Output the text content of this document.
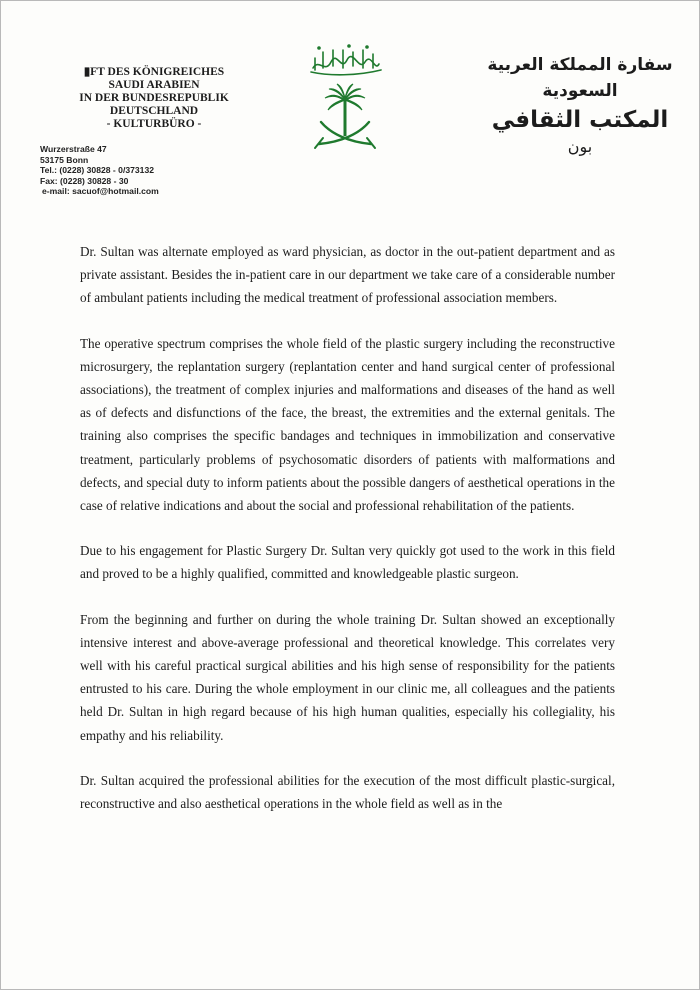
▮FT DES KÖNIGREICHES
SAUDI ARABIEN
IN DER BUNDESREPUBLIK
DEUTSCHLAND
- KULTURBÜRO -
Wurzerstraße 47
53175 Bonn
Tel.: (0228) 30828 - 0/373132
Fax: (0228) 30828 - 30
e-mail: sacuof@hotmail.com
سفارة المملكة العربية السعودية
المكتب الثقافي
بون

Dr. Sultan was alternate employed as ward physician, as doctor in the out-patient department and as private assistant. Besides the in-patient care in our department we take care of a considerable number of ambulant patients including the medical treatment of professional association members.

The operative spectrum comprises the whole field of the plastic surgery including the reconstructive microsurgery, the replantation surgery (replantation center and hand surgical center of professional associations), the treatment of complex injuries and malformations and diseases of the hand as well as of defects and disfunctions of the face, the breast, the extremities and the external genitals. The training also comprises the specific bandages and techniques in immobilization and conservative treatment, particularly problems of psychosomatic disorders of patients with malformations and defects, and special duty to inform patients about the possible dangers of aesthetical operations in the case of relative indications and about the social and professional rehabilitation of the patients.

Due to his engagement for Plastic Surgery Dr. Sultan very quickly got used to the work in this field and proved to be a highly qualified, committed and knowledgeable plastic surgeon.

From the beginning and further on during the whole training Dr. Sultan showed an exceptionally intensive interest and above-average professional and theoretical knowledge. This correlates very well with his careful practical surgical abilities and his high sense of responsibility for the patients entrusted to his care. During the whole employment in our clinic me, all colleagues and the patients held Dr. Sultan in high regard because of his high human qualities, especially his collegiality, his empathy and his reliability.

Dr. Sultan acquired the professional abilities for the execution of the most difficult plastic-surgical, reconstructive and also aesthetical operations in the whole field as well as in the
